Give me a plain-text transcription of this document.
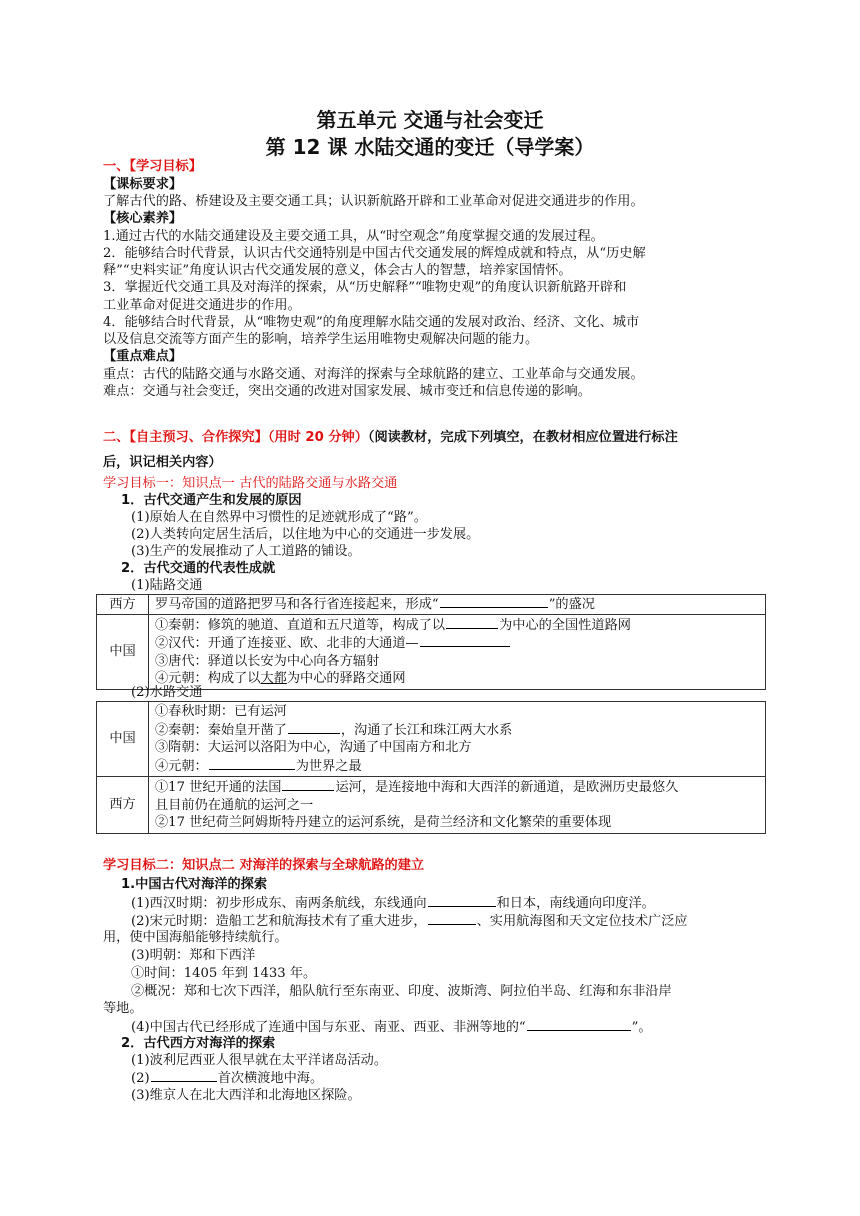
第五单元 交通与社会变迁
第 12 课 水陆交通的变迁（导学案）
一、【学习目标】
【课标要求】
了解古代的路、桥建设及主要交通工具；认识新航路开辟和工业革命对促进交通进步的作用。
【核心素养】
1.通过古代的水陆交通建设及主要交通工具，从“时空观念”角度掌握交通的发展过程。
2．能够结合时代背景，认识古代交通特别是中国古代交通发展的辉煌成就和特点，从“历史解
释”“史料实证”角度认识古代交通发展的意义，体会古人的智慧，培养家国情怀。
3．掌握近代交通工具及对海洋的探索，从“历史解释”“唯物史观”的角度认识新航路开辟和
工业革命对促进交通进步的作用。
4．能够结合时代背景，从“唯物史观”的角度理解水陆交通的发展对政治、经济、文化、城市
以及信息交流等方面产生的影响，培养学生运用唯物史观解决问题的能力。
【重点难点】
重点：古代的陆路交通与水路交通、对海洋的探索与全球航路的建立、工业革命与交通发展。
难点：交通与社会变迁，突出交通的改进对国家发展、城市变迁和信息传递的影响。
二、【自主预习、合作探究】（用时 20 分钟）（阅读教材，完成下列填空，在教材相应位置进行标注
后，识记相关内容）
学习目标一：知识点一 古代的陆路交通与水路交通
1．古代交通产生和发展的原因
(1)原始人在自然界中习惯性的足迹就形成了“路”。
(2)人类转向定居生活后，以住地为中心的交通进一步发展。
(3)生产的发展推动了人工道路的铺设。
2．古代交通的代表性成就
(1)陆路交通
西方	罗马帝国的道路把罗马和各行省连接起来，形成“ ”的盛况
中国	①秦朝：修筑的驰道、直道和五尺道等，构成了以 为中心的全国性道路网
②汉代：开通了连接亚、欧、北非的大通道—
③唐代：驿道以长安为中心向各方辐射
④元朝：构成了以大都为中心的驿路交通网
(2)水路交通
中国	①春秋时期：已有运河
②秦朝：秦始皇开凿了 ，沟通了长江和珠江两大水系
③隋朝：大运河以洛阳为中心，沟通了中国南方和北方
④元朝： 为世界之最

西方	①17 世纪开通的法国 运河，是连接地中海和大西洋的新通道，是欧洲历史最悠久
且目前仍在通航的运河之一
②17 世纪荷兰阿姆斯特丹建立的运河系统，是荷兰经济和文化繁荣的重要体现
学习目标二：知识点二 对海洋的探索与全球航路的建立
1.中国古代对海洋的探索
(1)西汉时期：初步形成东、南两条航线，东线通向	和日本，南线通向印度洋。
(2)宋元时期：造船工艺和航海技术有了重大进步，	、实用航海图和天文定位技术广泛应
用，使中国海船能够持续航行。
(3)明朝：郑和下西洋
①时间：1405 年到 1433 年。
②概况：郑和七次下西洋，船队航行至东南亚、印度、波斯湾、阿拉伯半岛、红海和东非沿岸
等地。
(4)中国古代已经形成了连通中国与东亚、南亚、西亚、非洲等地的“	”。
2．古代西方对海洋的探索
(1)波利尼西亚人很早就在太平洋诸岛活动。
(2)	首次横渡地中海。
(3)维京人在北大西洋和北海地区探险。
